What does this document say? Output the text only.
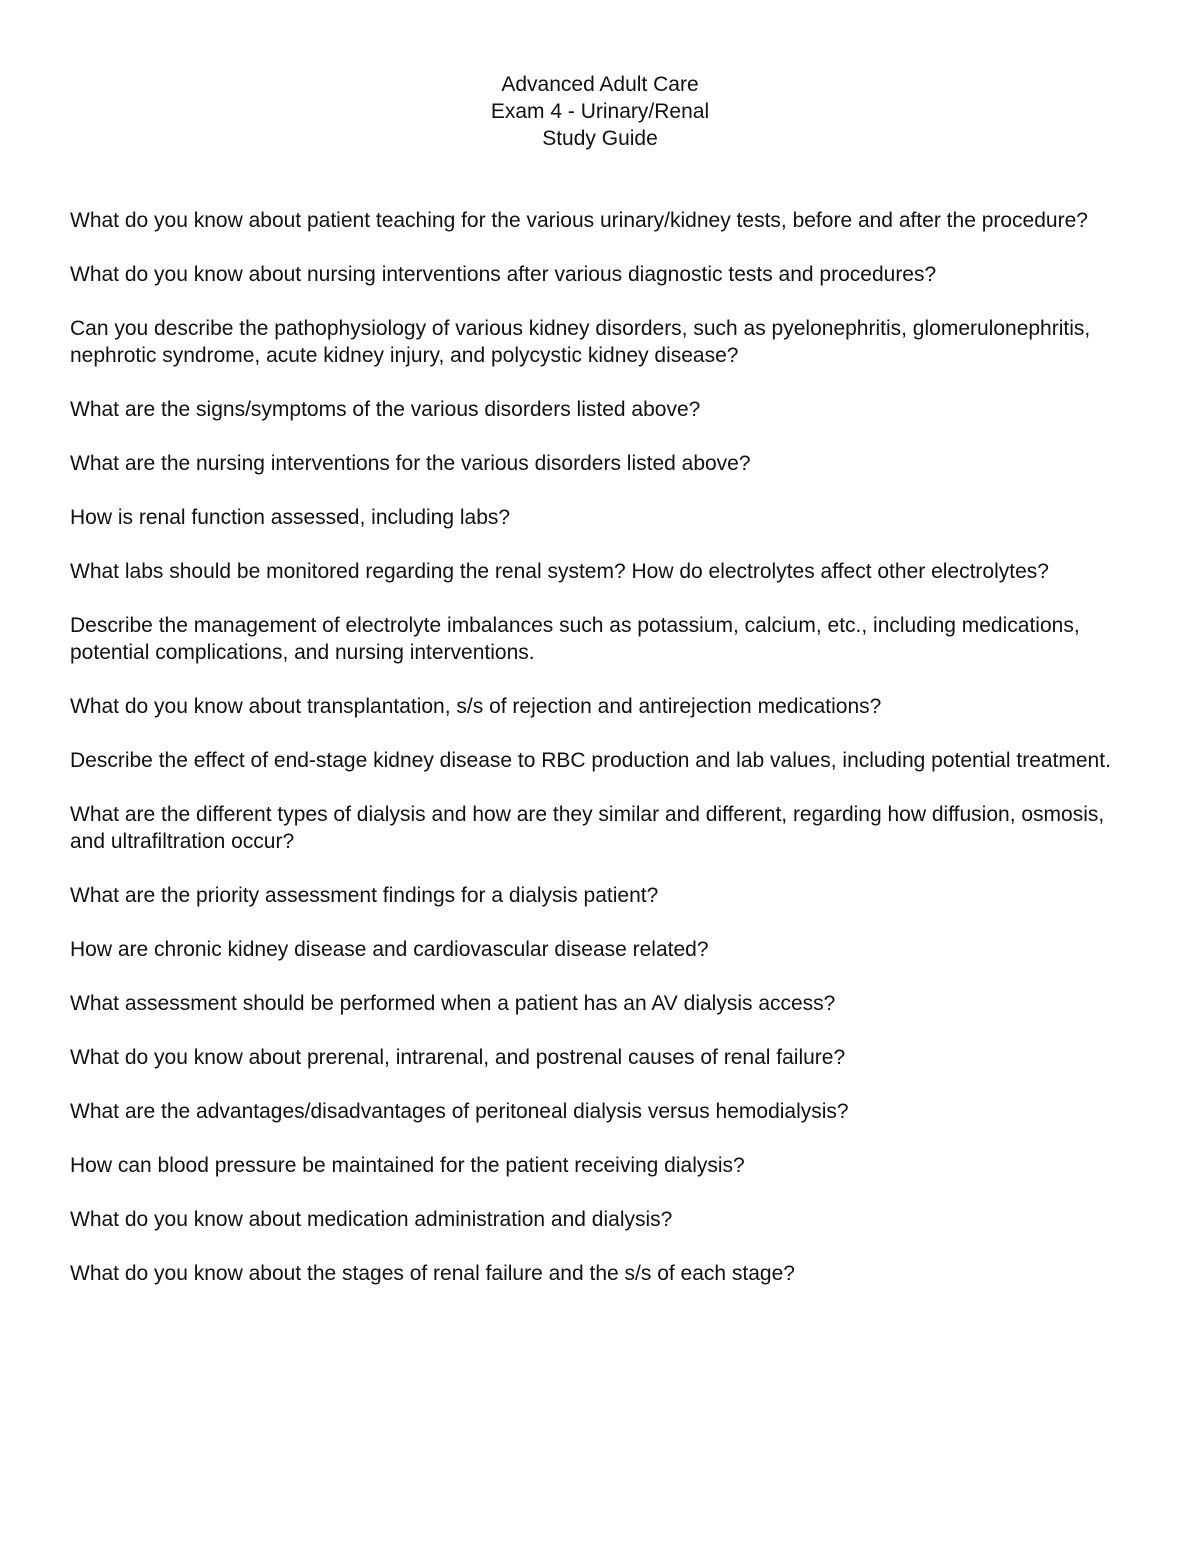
Advanced Adult Care
Exam 4 - Urinary/Renal
Study Guide

What do you know about patient teaching for the various urinary/kidney tests, before and after the procedure?

What do you know about nursing interventions after various diagnostic tests and procedures?

Can you describe the pathophysiology of various kidney disorders, such as pyelonephritis, glomerulonephritis, nephrotic syndrome, acute kidney injury, and polycystic kidney disease?

What are the signs/symptoms of the various disorders listed above?

What are the nursing interventions for the various disorders listed above?

How is renal function assessed, including labs?

What labs should be monitored regarding the renal system? How do electrolytes affect other electrolytes?

Describe the management of electrolyte imbalances such as potassium, calcium, etc., including medications, potential complications, and nursing interventions.

What do you know about transplantation, s/s of rejection and antirejection medications?

Describe the effect of end-stage kidney disease to RBC production and lab values, including potential treatment.

What are the different types of dialysis and how are they similar and different, regarding how diffusion, osmosis, and ultrafiltration occur?

What are the priority assessment findings for a dialysis patient?

How are chronic kidney disease and cardiovascular disease related?

What assessment should be performed when a patient has an AV dialysis access?

What do you know about prerenal, intrarenal, and postrenal causes of renal failure?

What are the advantages/disadvantages of peritoneal dialysis versus hemodialysis?

How can blood pressure be maintained for the patient receiving dialysis?

What do you know about medication administration and dialysis?

What do you know about the stages of renal failure and the s/s of each stage?
